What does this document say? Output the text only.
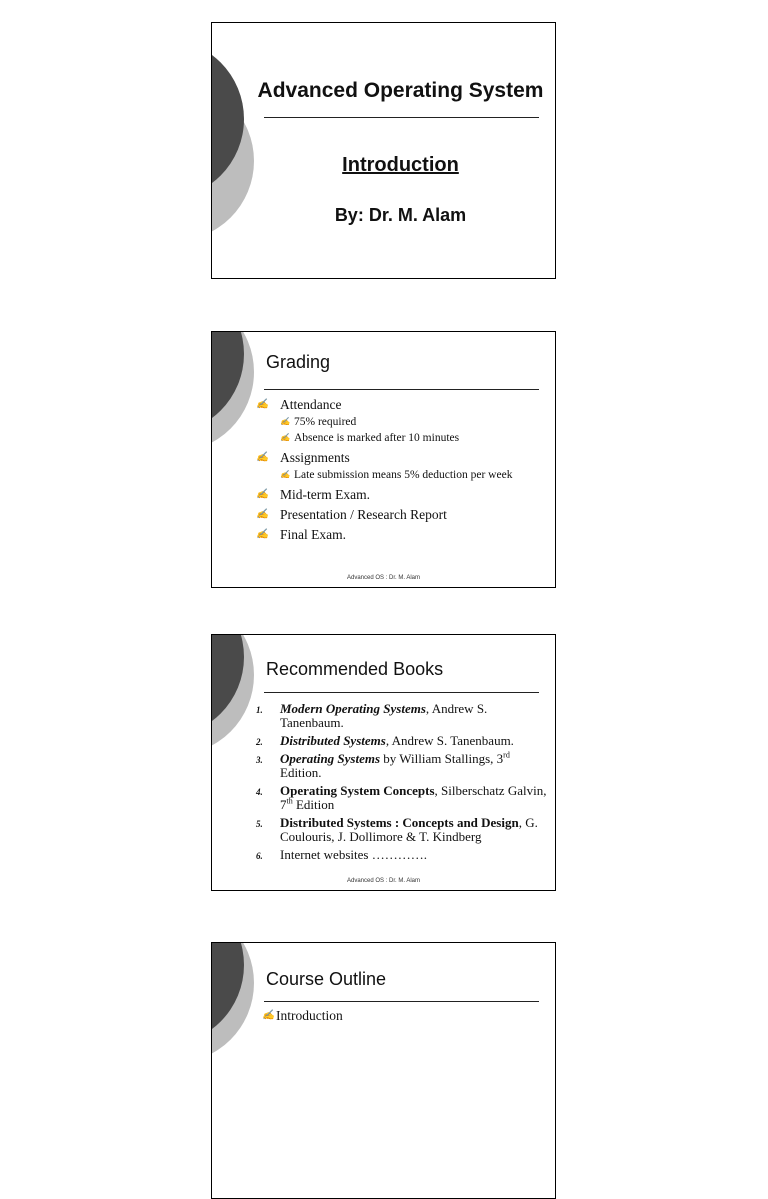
Advanced Operating System
Introduction
By: Dr. M. Alam
Grading
✍ Attendance
✍ 75% required
✍ Absence is marked after 10 minutes
✍ Assignments
✍ Late submission means 5% deduction per week
✍ Mid-term Exam.
✍ Presentation / Research Report
✍ Final Exam.
Advanced OS : Dr. M. Alam
Recommended Books
1. Modern Operating Systems, Andrew S. Tanenbaum.
2. Distributed Systems, Andrew S. Tanenbaum.
3. Operating Systems by William Stallings, 3rd Edition.
4. Operating System Concepts, Silberschatz Galvin, 7th Edition
5. Distributed Systems : Concepts and Design, G. Coulouris, J. Dollimore & T. Kindberg
6. Internet websites ………….
Advanced OS : Dr. M. Alam
Course Outline
✍ Introduction
